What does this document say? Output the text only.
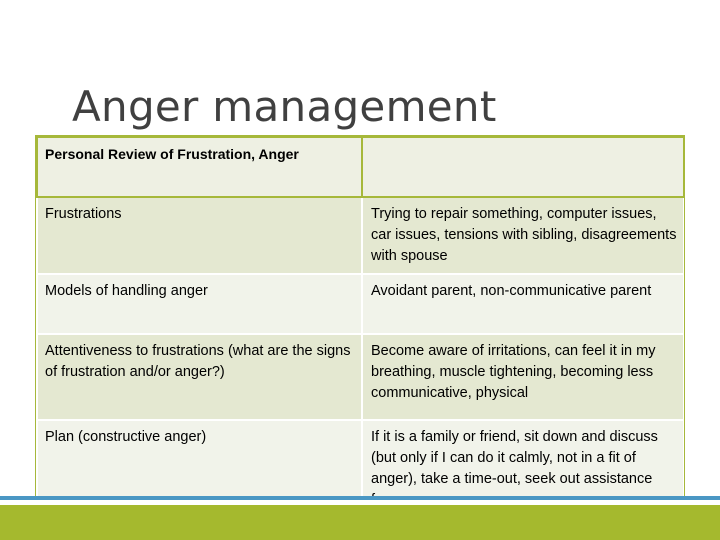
Anger management
Personal Review of Frustration, Anger	
Frustrations	Trying to repair something, computer issues, car issues, tensions with sibling, disagreements with spouse
Models of handling anger	Avoidant parent, non-communicative parent
Attentiveness to frustrations (what are the signs of frustration and/or anger?)	Become aware of irritations, can feel it in my breathing, muscle tightening, becoming less communicative, physical
Plan (constructive anger)	If it is a family or friend, sit down and discuss (but only if I can do it calmly, not in a fit of anger), take a time-out, seek out assistance
